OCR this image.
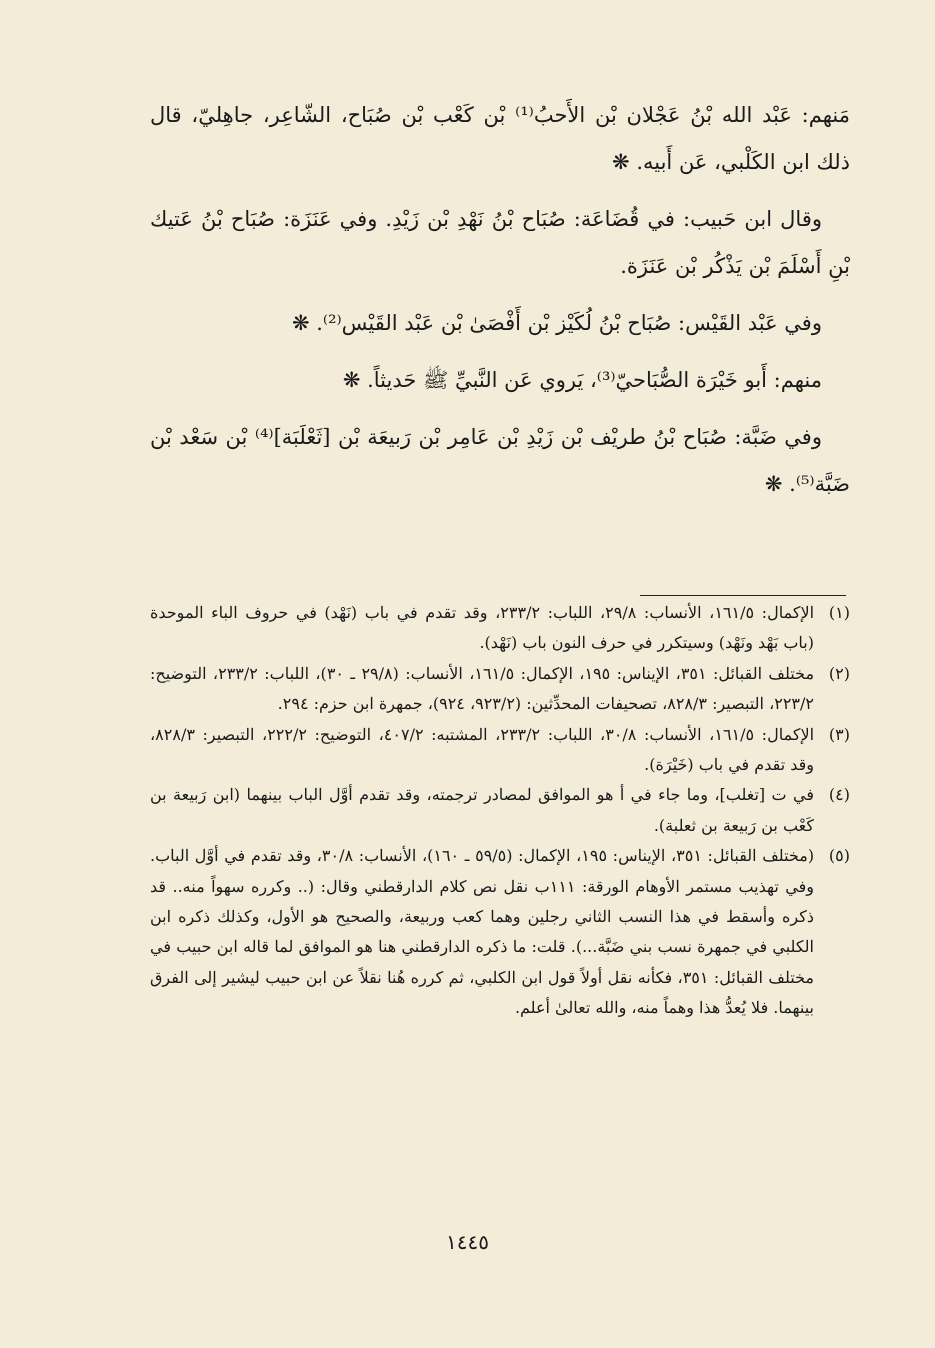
مَنهم: عَبْد الله بْنُ عَجْلان بْن الأَحبُ⁽¹⁾ بْن كَعْب بْن صُبَاح، الشّاعِر، جاهِليّ، قال ذلك ابن الكَلْبي، عَن أَبيه. ❋

وقال ابن حَبيب: في قُضَاعَة: صُبَاح بْنُ نَهْدِ بْن زَيْدِ. وفي عَنَزَة: صُبَاح بْنُ عَتيك بْنِ أَسْلَمَ بْن يَذْكُر بْن عَنَزَة.

وفي عَبْد القَيْس: صُبَاح بْنُ لُكَيْز بْن أَفْصَىٰ بْن عَبْد القَيْس⁽²⁾. ❋

منهم: أَبو خَيْرَة الصُّبَاحيّ⁽³⁾، يَروي عَن النَّبيِّ ﷺ حَديثاً. ❋

وفي ضَبَّة: صُبَاح بْنُ طريْف بْن زَيْدِ بْن عَامِر بْن رَبيعَة بْن [ثَعْلَبَة]⁽⁴⁾ بْن سَعْد بْن ضَبَّة⁽⁵⁾. ❋

(١)
الإكمال: ١٦١/٥، الأنساب: ٢٩/٨، اللباب: ٢٣٣/٢، وقد تقدم في باب (نَهْد) في حروف الباء الموحدة (باب بَهْد ونَهْد) وسيتكرر في حرف النون باب (نَهْد).
(٢)
مختلف القبائل: ٣٥١، الإيناس: ١٩٥، الإكمال: ١٦١/٥، الأنساب: (٢٩/٨ ـ ٣٠)، اللباب: ٢٣٣/٢، التوضيح: ٢٢٣/٢، التبصير: ٨٢٨/٣، تصحيفات المحدِّثين: (٩٢٣/٢، ٩٢٤)، جمهرة ابن حزم: ٢٩٤.
(٣)
الإكمال: ١٦١/٥، الأنساب: ٣٠/٨، اللباب: ٢٣٣/٢، المشتبه: ٤٠٧/٢، التوضيح: ٢٢٢/٢، التبصير: ٨٢٨/٣، وقد تقدم في باب (خَيْرَة).
(٤)
في ت [تغلب]، وما جاء في أ هو الموافق لمصادر ترجمته، وقد تقدم أوَّل الباب بينهما (ابن رَبيعة بن كَعْب بن رَبيعة بن ثعلبة).
(٥)
(مختلف القبائل: ٣٥١، الإيناس: ١٩٥، الإكمال: (٥٩/٥ ـ ١٦٠)، الأنساب: ٣٠/٨، وقد تقدم في أوَّل الباب. وفي تهذيب مستمر الأوهام الورقة: ١١١ب نقل نص كلام الدارقطني وقال: (.. وكرره سهواً منه.. قد ذكره وأسقط في هذا النسب الثاني رجلين وهما كعب وربيعة، والصحيح هو الأول، وكذلك ذكره ابن الكلبي في جمهرة نسب بني ضَبَّة...). قلت: ما ذكره الدارقطني هنا هو الموافق لما قاله ابن حبيب في مختلف القبائل: ٣٥١، فكأنه نقل أولاً قول ابن الكلبي، ثم كرره هُنا نقلاً عن ابن حبيب ليشير إلى الفرق بينهما. فلا يُعدُّ هذا وهماً منه، والله تعالىٰ أعلم.
١٤٤٥
